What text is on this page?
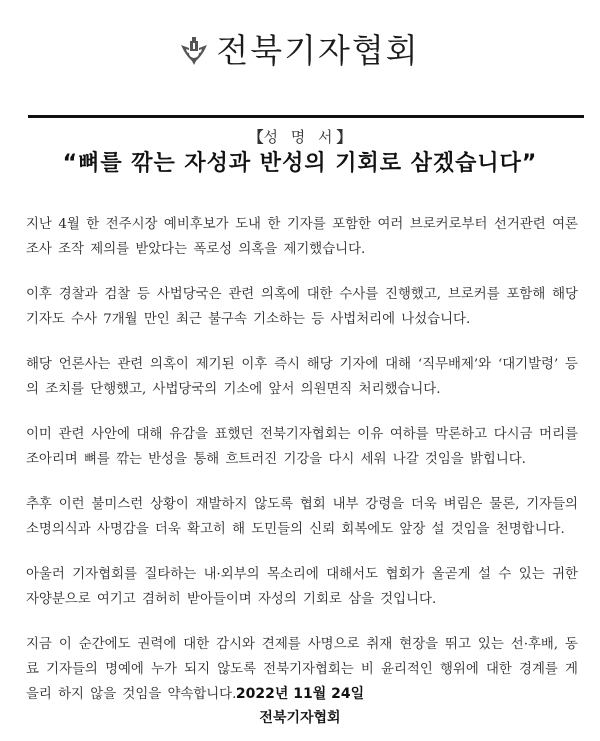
전북기자협회
【성 명 서】
“뼈를 깎는 자성과 반성의 기회로 삼겠습니다”

지난 4월 한 전주시장 예비후보가 도내 한 기자를 포함한 여러 브로커로부터 선거관련 여론조사 조작 제의를 받았다는 폭로성 의혹을 제기했습니다.

이후 경찰과 검찰 등 사법당국은 관련 의혹에 대한 수사를 진행했고, 브로커를 포함해 해당 기자도 수사 7개월 만인 최근 불구속 기소하는 등 사법처리에 나섰습니다.

해당 언론사는 관련 의혹이 제기된 이후 즉시 해당 기자에 대해 ‘직무배제’와 ‘대기발령’ 등의 조치를 단행했고, 사법당국의 기소에 앞서 의원면직 처리했습니다.

이미 관련 사안에 대해 유감을 표했던 전북기자협회는 이유 여하를 막론하고 다시금 머리를 조아리며 뼈를 깎는 반성을 통해 흐트러진 기강을 다시 세워 나갈 것임을 밝힙니다.

추후 이런 불미스런 상황이 재발하지 않도록 협회 내부 강령을 더욱 벼림은 물론, 기자들의 소명의식과 사명감을 더욱 확고히 해 도민들의 신뢰 회복에도 앞장 설 것임을 천명합니다.

아울러 기자협회를 질타하는 내·외부의 목소리에 대해서도 협회가 올곧게 설 수 있는 귀한 자양분으로 여기고 겸허히 받아들이며 자성의 기회로 삼을 것입니다.

지금 이 순간에도 권력에 대한 감시와 견제를 사명으로 취재 현장을 뛰고 있는 선·후배, 동료 기자들의 명예에 누가 되지 않도록 전북기자협회는 비 윤리적인 행위에 대한 경계를 게을리 하지 않을 것임을 약속합니다. 2022년 11월 24일
전북기자협회
